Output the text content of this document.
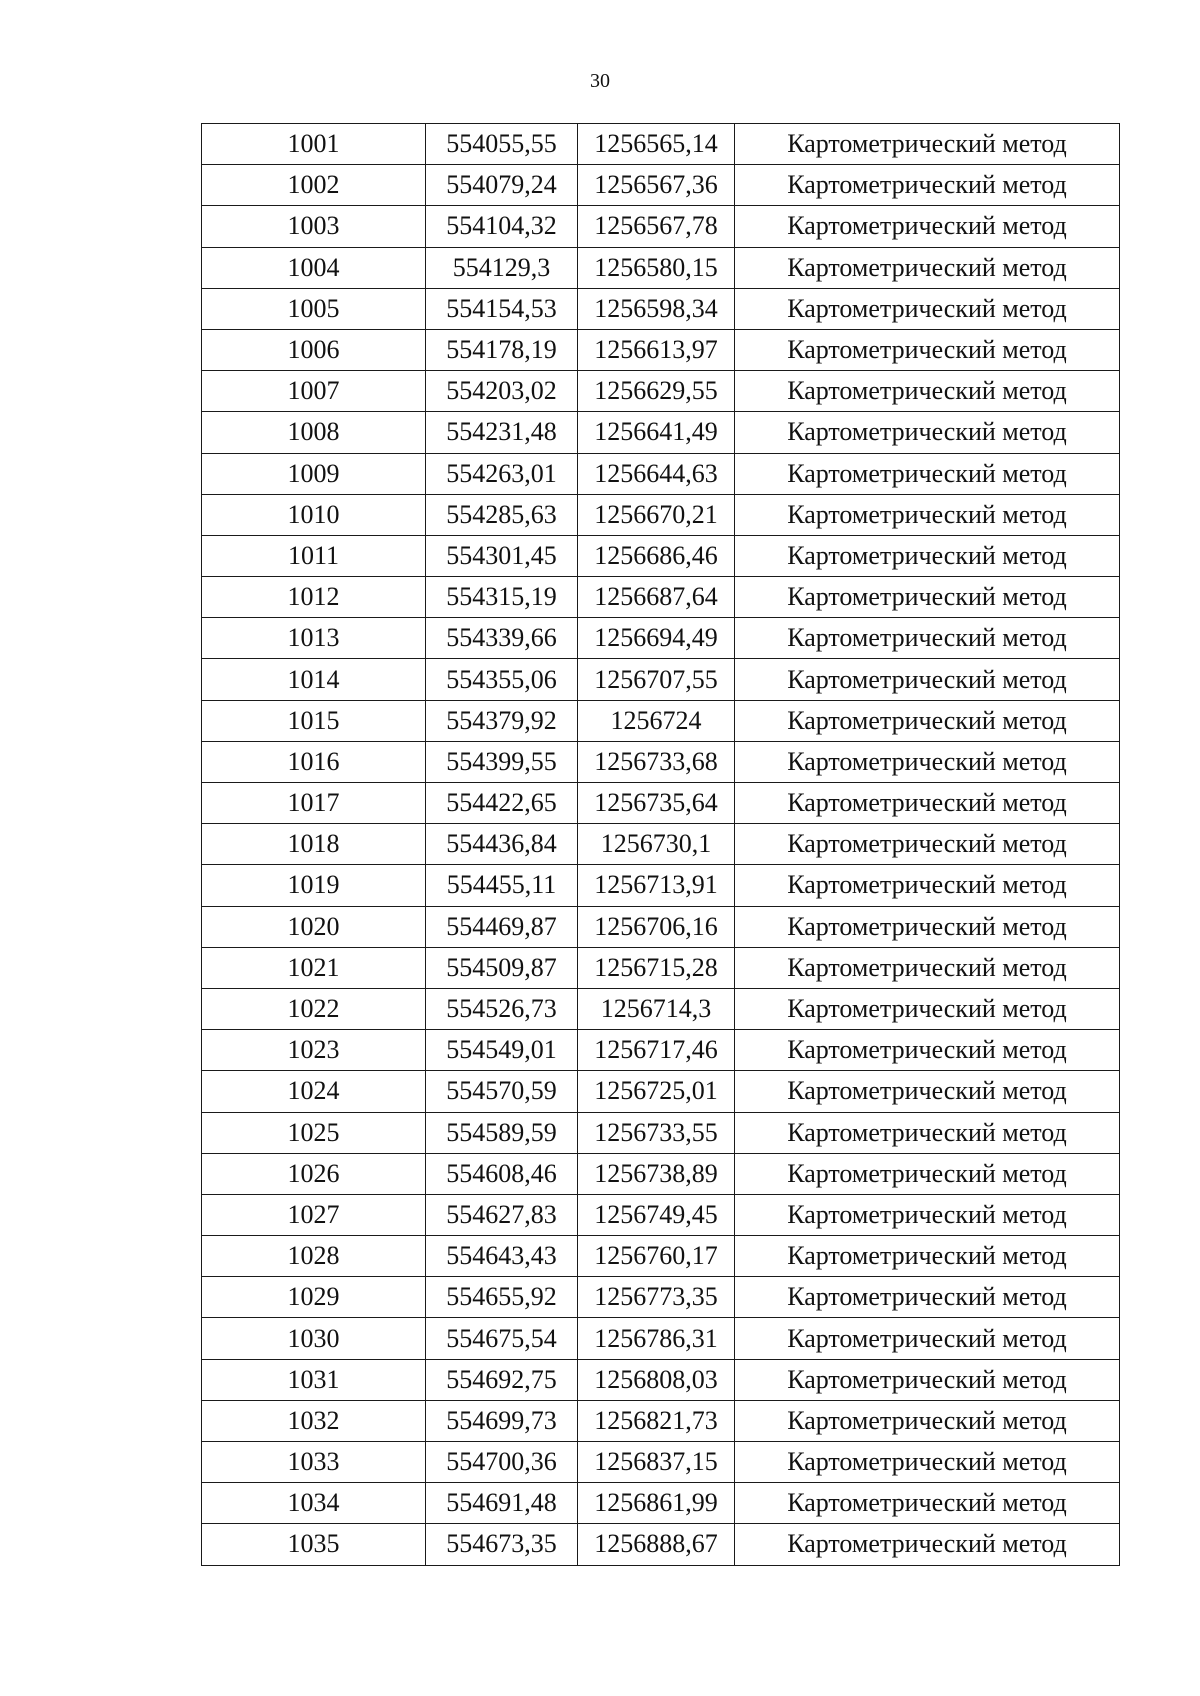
30
1001	554055,55	1256565,14	Картометрический метод
1002	554079,24	1256567,36	Картометрический метод
1003	554104,32	1256567,78	Картометрический метод
1004	554129,3	1256580,15	Картометрический метод
1005	554154,53	1256598,34	Картометрический метод
1006	554178,19	1256613,97	Картометрический метод
1007	554203,02	1256629,55	Картометрический метод
1008	554231,48	1256641,49	Картометрический метод
1009	554263,01	1256644,63	Картометрический метод
1010	554285,63	1256670,21	Картометрический метод
1011	554301,45	1256686,46	Картометрический метод
1012	554315,19	1256687,64	Картометрический метод
1013	554339,66	1256694,49	Картометрический метод
1014	554355,06	1256707,55	Картометрический метод
1015	554379,92	1256724	Картометрический метод
1016	554399,55	1256733,68	Картометрический метод
1017	554422,65	1256735,64	Картометрический метод
1018	554436,84	1256730,1	Картометрический метод
1019	554455,11	1256713,91	Картометрический метод
1020	554469,87	1256706,16	Картометрический метод
1021	554509,87	1256715,28	Картометрический метод
1022	554526,73	1256714,3	Картометрический метод
1023	554549,01	1256717,46	Картометрический метод
1024	554570,59	1256725,01	Картометрический метод
1025	554589,59	1256733,55	Картометрический метод
1026	554608,46	1256738,89	Картометрический метод
1027	554627,83	1256749,45	Картометрический метод
1028	554643,43	1256760,17	Картометрический метод
1029	554655,92	1256773,35	Картометрический метод
1030	554675,54	1256786,31	Картометрический метод
1031	554692,75	1256808,03	Картометрический метод
1032	554699,73	1256821,73	Картометрический метод
1033	554700,36	1256837,15	Картометрический метод
1034	554691,48	1256861,99	Картометрический метод
1035	554673,35	1256888,67	Картометрический метод
